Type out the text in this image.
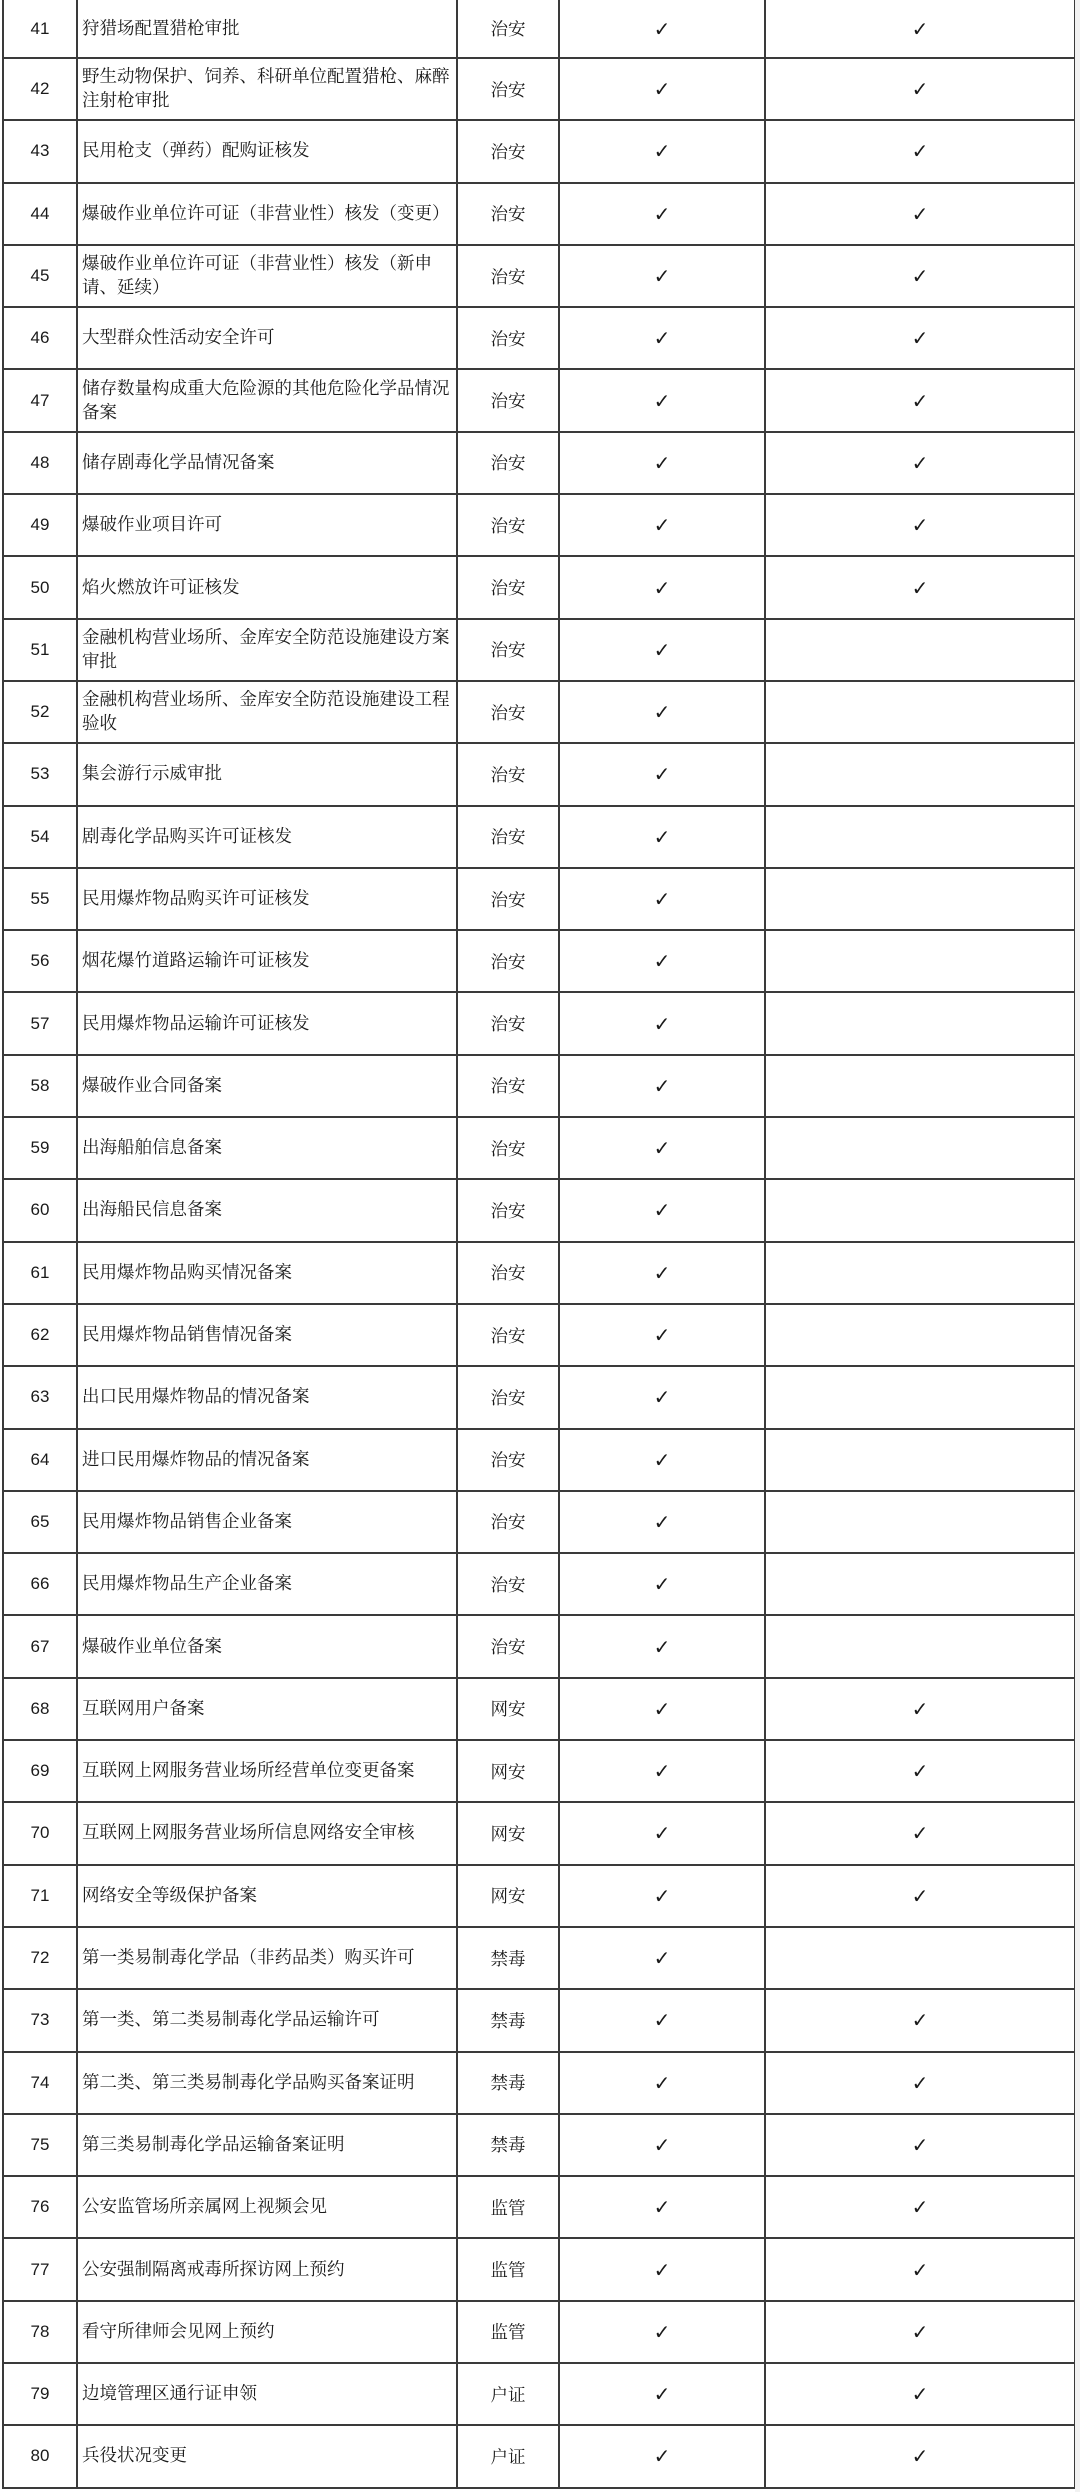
41	狩猎场配置猎枪审批	治安	✓	✓
42	野生动物保护、饲养、科研单位配置猎枪、麻醉注射枪审批	治安	✓	✓
43	民用枪支（弹药）配购证核发	治安	✓	✓
44	爆破作业单位许可证（非营业性）核发（变更）	治安	✓	✓
45	爆破作业单位许可证（非营业性）核发（新申请、延续）	治安	✓	✓
46	大型群众性活动安全许可	治安	✓	✓
47	储存数量构成重大危险源的其他危险化学品情况备案	治安	✓	✓
48	储存剧毒化学品情况备案	治安	✓	✓
49	爆破作业项目许可	治安	✓	✓
50	焰火燃放许可证核发	治安	✓	✓
51	金融机构营业场所、金库安全防范设施建设方案审批	治安	✓	
52	金融机构营业场所、金库安全防范设施建设工程验收	治安	✓	
53	集会游行示威审批	治安	✓	
54	剧毒化学品购买许可证核发	治安	✓	
55	民用爆炸物品购买许可证核发	治安	✓	
56	烟花爆竹道路运输许可证核发	治安	✓	
57	民用爆炸物品运输许可证核发	治安	✓	
58	爆破作业合同备案	治安	✓	
59	出海船舶信息备案	治安	✓	
60	出海船民信息备案	治安	✓	
61	民用爆炸物品购买情况备案	治安	✓	
62	民用爆炸物品销售情况备案	治安	✓	
63	出口民用爆炸物品的情况备案	治安	✓	
64	进口民用爆炸物品的情况备案	治安	✓	
65	民用爆炸物品销售企业备案	治安	✓	
66	民用爆炸物品生产企业备案	治安	✓	
67	爆破作业单位备案	治安	✓	
68	互联网用户备案	网安	✓	✓
69	互联网上网服务营业场所经营单位变更备案	网安	✓	✓
70	互联网上网服务营业场所信息网络安全审核	网安	✓	✓
71	网络安全等级保护备案	网安	✓	✓
72	第一类易制毒化学品（非药品类）购买许可	禁毒	✓	
73	第一类、第二类易制毒化学品运输许可	禁毒	✓	✓
74	第二类、第三类易制毒化学品购买备案证明	禁毒	✓	✓
75	第三类易制毒化学品运输备案证明	禁毒	✓	✓
76	公安监管场所亲属网上视频会见	监管	✓	✓
77	公安强制隔离戒毒所探访网上预约	监管	✓	✓
78	看守所律师会见网上预约	监管	✓	✓
79	边境管理区通行证申领	户证	✓	✓
80	兵役状况变更	户证	✓	✓
